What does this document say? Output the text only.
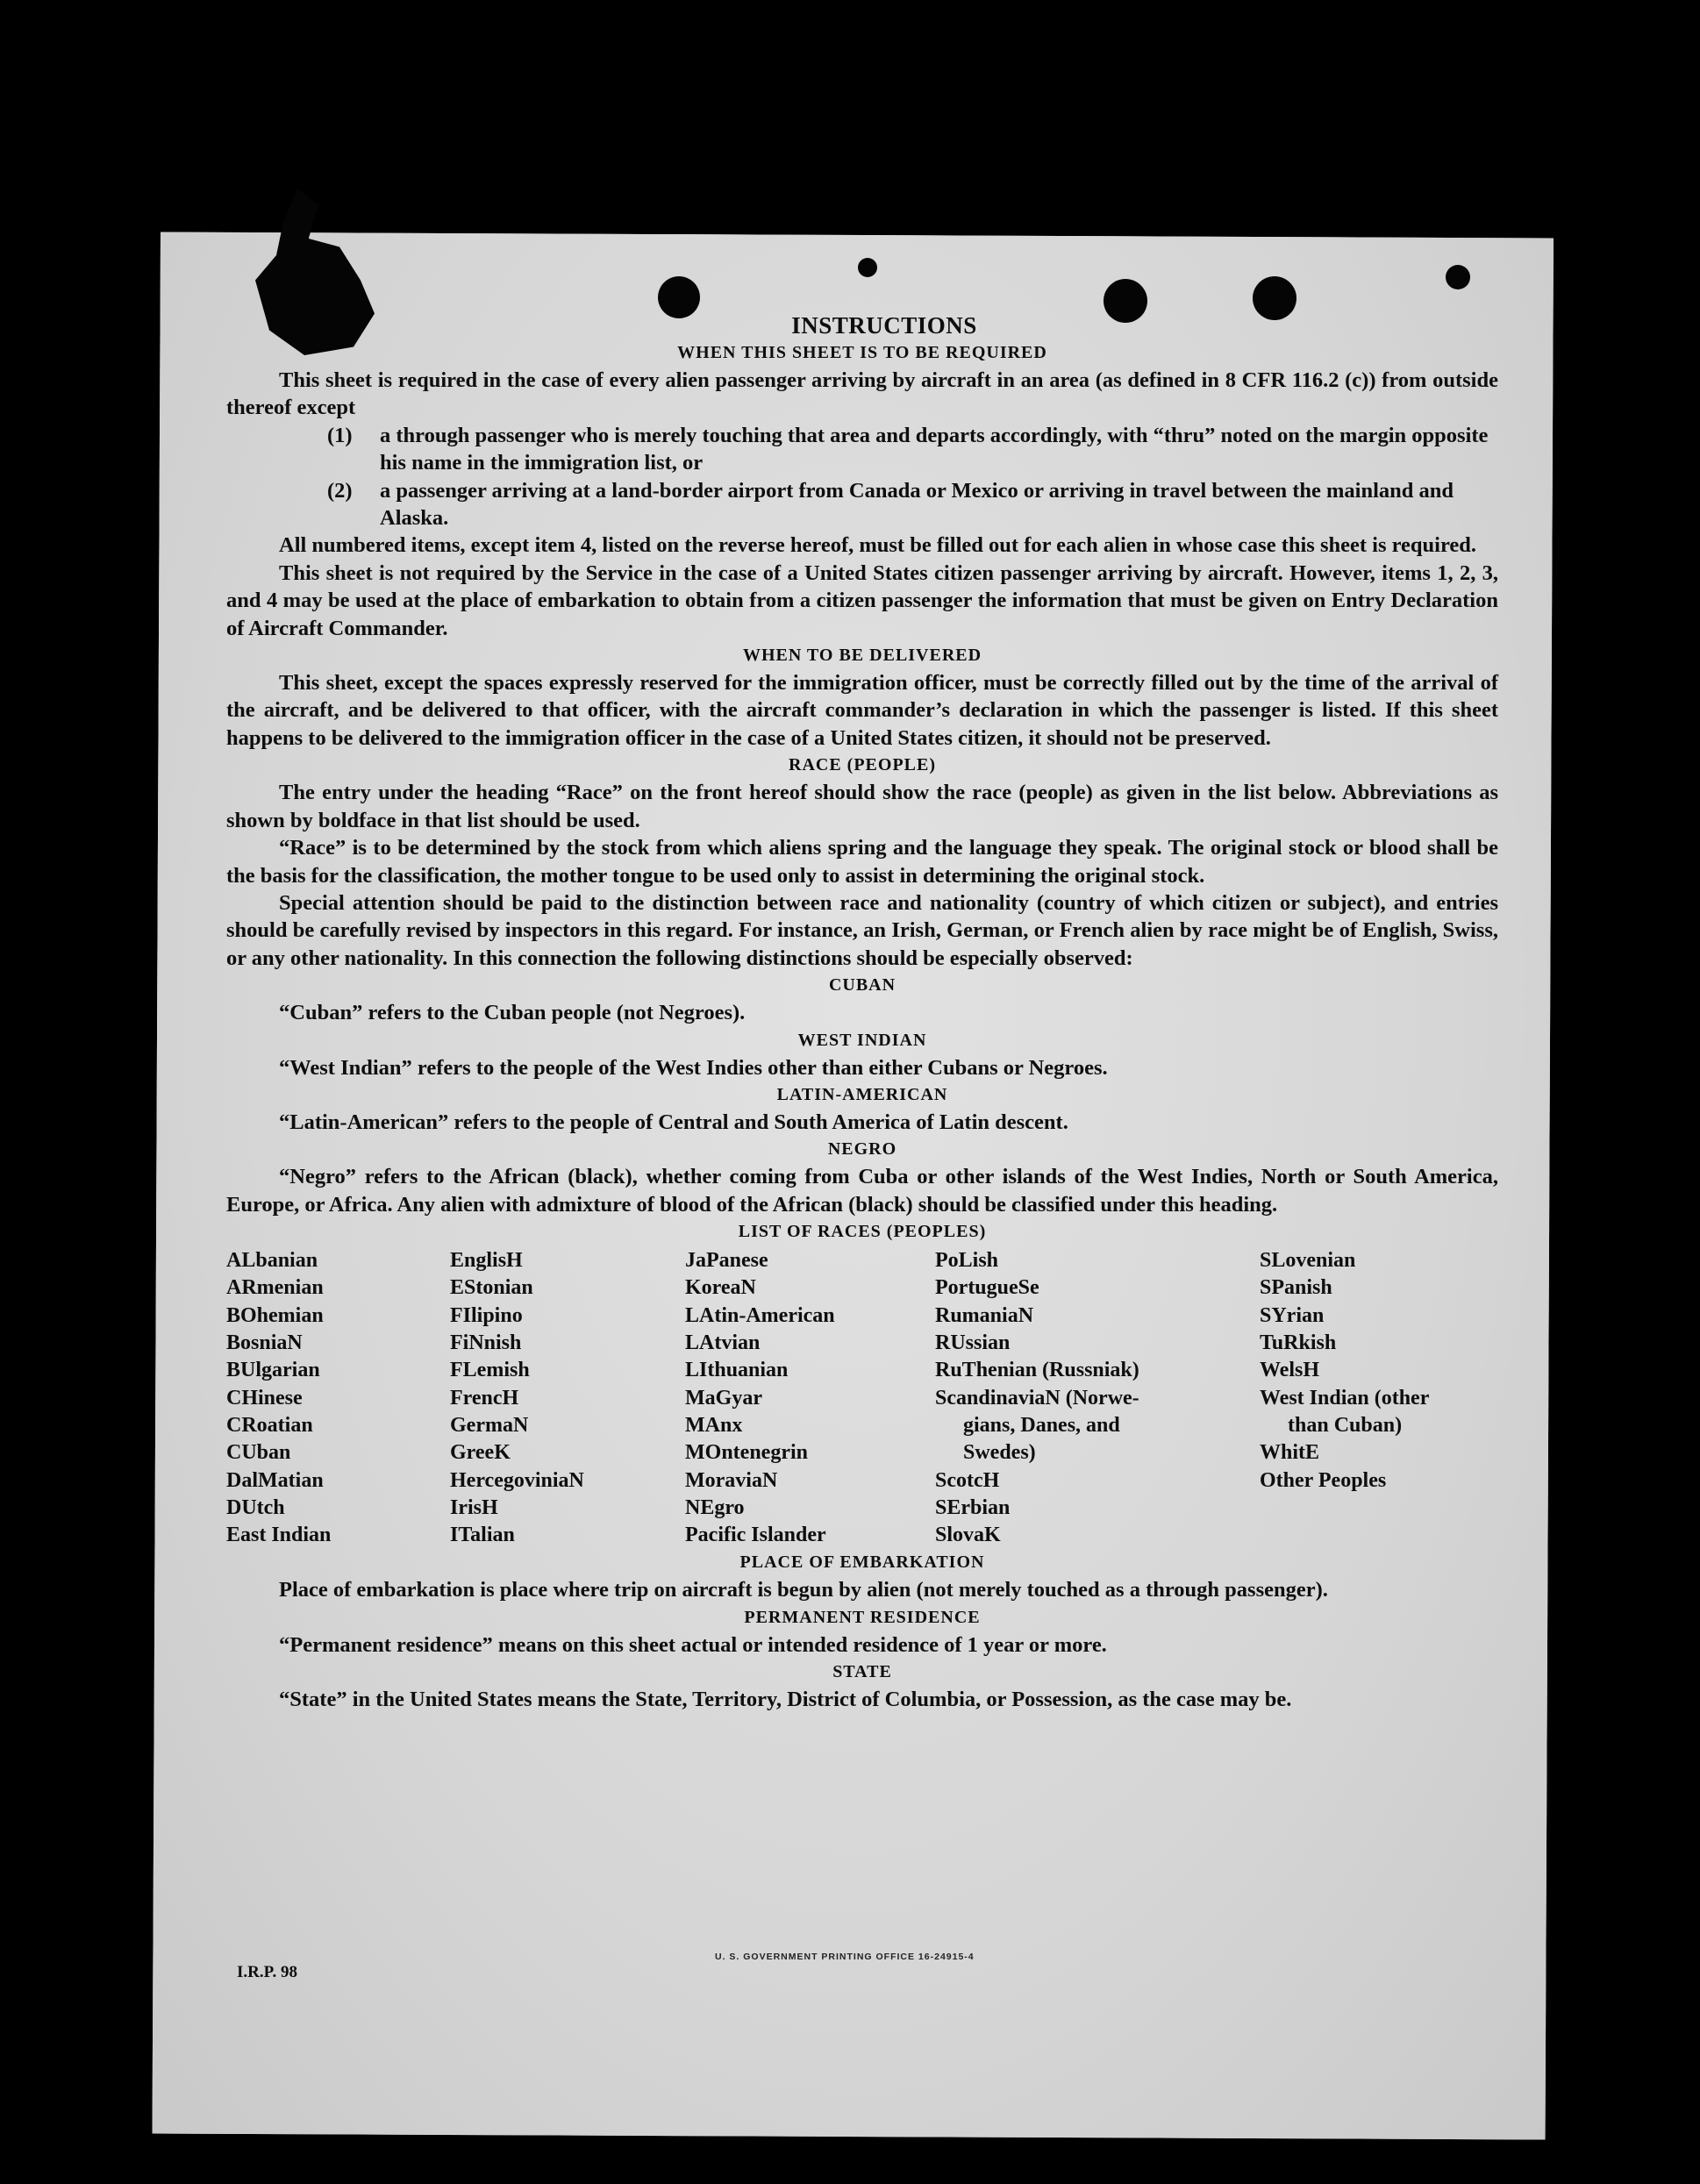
INSTRUCTIONS
WHEN THIS SHEET IS TO BE REQUIRED

This sheet is required in the case of every alien passenger arriving by aircraft in an area (as defined in 8 CFR 116.2 (c)) from outside thereof except

(1) a through passenger who is merely touching that area and departs accordingly, with “thru” noted on the margin opposite his name in the immigration list, or

(2) a passenger arriving at a land-border airport from Canada or Mexico or arriving in travel between the mainland and Alaska.

All numbered items, except item 4, listed on the reverse hereof, must be filled out for each alien in whose case this sheet is required.

This sheet is not required by the Service in the case of a United States citizen passenger arriving by aircraft. However, items 1, 2, 3, and 4 may be used at the place of embarkation to obtain from a citizen passenger the information that must be given on Entry Declaration of Aircraft Commander.

WHEN TO BE DELIVERED

This sheet, except the spaces expressly reserved for the immigration officer, must be correctly filled out by the time of the arrival of the aircraft, and be delivered to that officer, with the aircraft commander’s declaration in which the passenger is listed. If this sheet happens to be delivered to the immigration officer in the case of a United States citizen, it should not be preserved.

RACE (PEOPLE)

The entry under the heading “Race” on the front hereof should show the race (people) as given in the list below. Abbreviations as shown by boldface in that list should be used.

“Race” is to be determined by the stock from which aliens spring and the language they speak. The original stock or blood shall be the basis for the classification, the mother tongue to be used only to assist in determining the original stock.

Special attention should be paid to the distinction between race and nationality (country of which citizen or subject), and entries should be carefully revised by inspectors in this regard. For instance, an Irish, German, or French alien by race might be of English, Swiss, or any other nationality. In this connection the following distinctions should be especially observed:

CUBAN

“Cuban” refers to the Cuban people (not Negroes).

WEST INDIAN

“West Indian” refers to the people of the West Indies other than either Cubans or Negroes.

LATIN-AMERICAN

“Latin-American” refers to the people of Central and South America of Latin descent.

NEGRO

“Negro” refers to the African (black), whether coming from Cuba or other islands of the West Indies, North or South America, Europe, or Africa. Any alien with admixture of blood of the African (black) should be classified under this heading.

LIST OF RACES (PEOPLES)
ALbanian
ARmenian
BOhemian
BosniaN
BUlgarian
CHinese
CRoatian
CUban
DalMatian
DUtch
East Indian
EnglisH
EStonian
FIlipino
FiNnish
FLemish
FrencH
GermaN
GreeK
HercegoviniaN
IrisH
ITalian
JaPanese
KoreaN
LAtin-American
LAtvian
LIthuanian
MaGyar
MAnx
MOntenegrin
MoraviaN
NEgro
Pacific Islander
PoLish
PortugueSe
RumaniaN
RUssian
RuThenian (Russniak)
ScandinaviaN (Norwe-
gians, Danes, and
Swedes)
ScotcH
SErbian
SlovaK
SLovenian
SPanish
SYrian
TuRkish
WelsH
West Indian (other
than Cuban)
WhitE
Other Peoples
PLACE OF EMBARKATION

Place of embarkation is place where trip on aircraft is begun by alien (not merely touched as a through passenger).

PERMANENT RESIDENCE

“Permanent residence” means on this sheet actual or intended residence of 1 year or more.

STATE

“State” in the United States means the State, Territory, District of Columbia, or Possession, as the case may be.

I.R.P. 98
U. S. GOVERNMENT PRINTING OFFICE 16-24915-4
